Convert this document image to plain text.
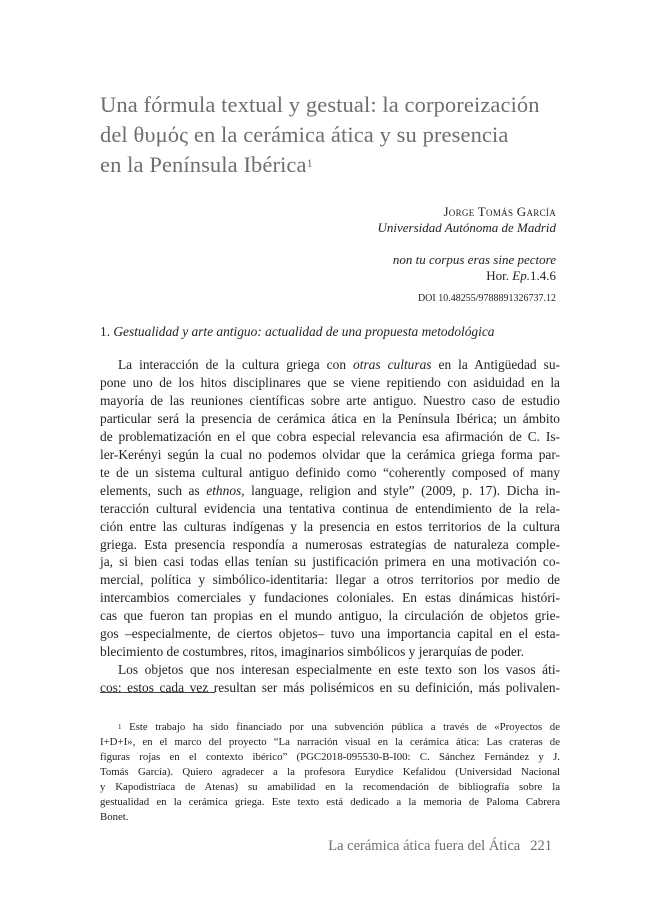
Una fórmula textual y gestual: la corporeización
del θυμός en la cerámica ática y su presencia
en la Península Ibérica$^1$
Jorge Tomás García
Universidad Autónoma de Madrid
non tu corpus eras sine pectore
Hor. Ep.1.4.6
DOI 10.48255/9788891326737.12
1. Gestualidad y arte antiguo: actualidad de una propuesta metodológica
La interacción de la cultura griega con otras culturas en la Antigüedad su-
pone uno de los hitos disciplinares que se viene repitiendo con asiduidad en la
mayoría de las reuniones científicas sobre arte antiguo. Nuestro caso de estudio
particular será la presencia de cerámica ática en la Península Ibérica; un ámbito
de problematización en el que cobra especial relevancia esa afirmación de C. Is-
ler-Kerényi según la cual no podemos olvidar que la cerámica griega forma par-
te de un sistema cultural antiguo definido como “coherently composed of many
elements, such as ethnos, language, religion and style” (2009, p. 17). Dicha in-
teracción cultural evidencia una tentativa continua de entendimiento de la rela-
ción entre las culturas indígenas y la presencia en estos territorios de la cultura
griega. Esta presencia respondía a numerosas estrategias de naturaleza comple-
ja, si bien casi todas ellas tenían su justificación primera en una motivación co-
mercial, política y simbólico-identitaria: llegar a otros territorios por medio de
intercambios comerciales y fundaciones coloniales. En estas dinámicas históri-
cas que fueron tan propias en el mundo antiguo, la circulación de objetos grie-
gos –especialmente, de ciertos objetos– tuvo una importancia capital en el esta-
blecimiento de costumbres, ritos, imaginarios simbólicos y jerarquías de poder.
Los objetos que nos interesan especialmente en este texto son los vasos áti-
cos: estos cada vez resultan ser más polisémicos en su definición, más polivalen-
$^1$ Este trabajo ha sido financiado por una subvención pública a través de «Proyectos de
I+D+I», en el marco del proyecto “La narración visual en la cerámica ática: Las crateras de
figuras rojas en el contexto ibérico” (PGC2018-095530-B-I00: C. Sánchez Fernández y J.
Tomás García). Quiero agradecer a la profesora Eurydice Kefalidou (Universidad Nacional
y Kapodistríaca de Atenas) su amabilidad en la recomendación de bibliografía sobre la
gestualidad en la cerámica griega. Este texto está dedicado a la memoria de Paloma Cabrera
Bonet.
La cerámica ática fuera del Ática 221
